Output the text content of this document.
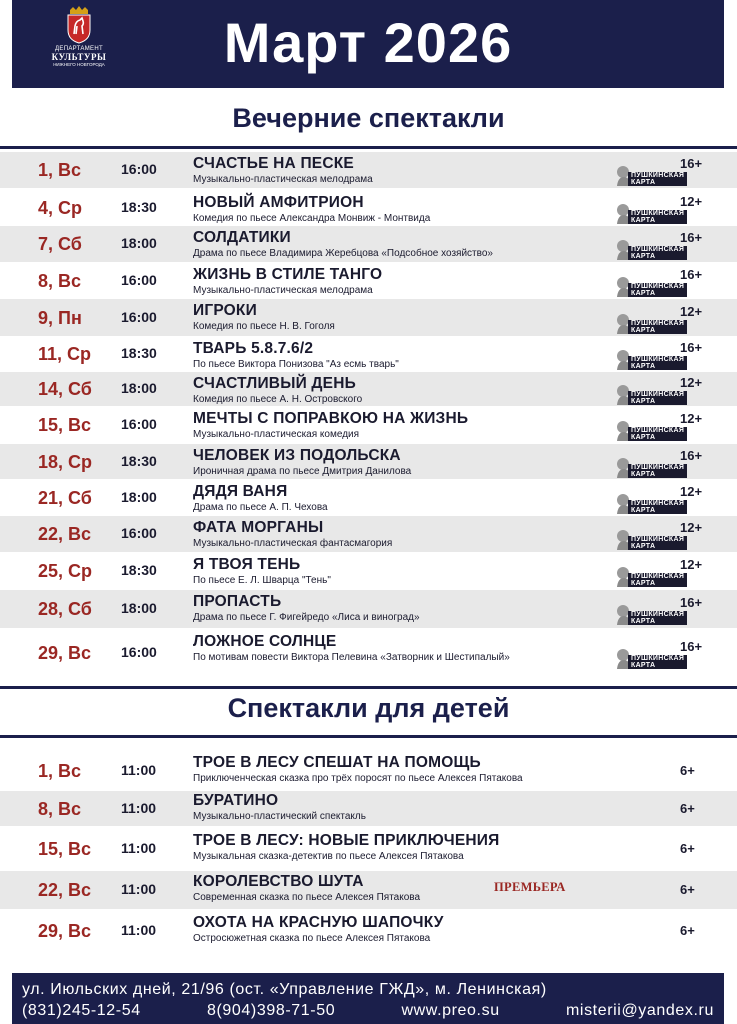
ДЕПАРТАМЕНТ
КУЛЬТУРЫ
НИЖНЕГО НОВГОРОДА	Март 2026
Вечерние спектакли
1, Вс	16:00 СЧАСТЬЕ НА ПЕСКЕ
Музыкально-пластическая мелодрама
16+
ПУШКИНСКАЯ
КАРТА
4, Ср	18:30 НОВЫЙ АМФИТРИОН
Комедия по пьесе Александра Монвиж - Монтвида
12+
ПУШКИНСКАЯ
КАРТА
7, Сб	18:00 СОЛДАТИКИ
Драма по пьесе Владимира Жеребцова «Подсобное хозяйство»
16+
ПУШКИНСКАЯ
КАРТА
8, Вс	16:00 ЖИЗНЬ В СТИЛЕ ТАНГО
Музыкально-пластическая мелодрама
16+
ПУШКИНСКАЯ
КАРТА
9, Пн	16:00 ИГРОКИ
Комедия по пьесе Н. В. Гоголя
12+
ПУШКИНСКАЯ
КАРТА
11, Ср 18:30 ТВАРЬ 5.8.7.6/2
По пьесе Виктора Понизова "Аз есмь тварь"
16+
ПУШКИНСКАЯ
КАРТА
14, Сб 18:00 СЧАСТЛИВЫЙ ДЕНЬ
Комедия по пьесе А. Н. Островского
12+
ПУШКИНСКАЯ
КАРТА
15, Вс 16:00 МЕЧТЫ С ПОПРАВКОЮ НА ЖИЗНЬ
Музыкально-пластическая комедия
12+
ПУШКИНСКАЯ
КАРТА
18, Ср 18:30 ЧЕЛОВЕК ИЗ ПОДОЛЬСКА
Ироничная драма по пьесе Дмитрия Данилова
16+
ПУШКИНСКАЯ
КАРТА
21, Сб 18:00 ДЯДЯ ВАНЯ
Драма по пьесе А. П. Чехова
12+
ПУШКИНСКАЯ
КАРТА
22, Вс 16:00 ФАТА МОРГАНЫ
Музыкально-пластическая фантасмагория
12+
ПУШКИНСКАЯ
КАРТА
25, Ср 18:30 Я ТВОЯ ТЕНЬ
По пьесе Е. Л. Шварца "Тень"
12+
ПУШКИНСКАЯ
КАРТА
28, Сб 18:00 ПРОПАСТЬ
Драма по пьесе Г. Фигейредо «Лиса и виноград»
16+
ПУШКИНСКАЯ
КАРТА
29, Вс 16:00
ЛОЖНОЕ СОЛНЦЕ
По мотивам повести Виктора Пелевина «Затворник и Шестипалый»
16+
ПУШКИНСКАЯ
КАРТА
Спектакли для детей
1, Вс	11:00 ТРОЕ В ЛЕСУ СПЕШАТ НА ПОМОЩЬ
Приключенческая сказка про трёх поросят по пьесе Алексея Пятакова
6+
8, Вс	11:00 БУРАТИНО
Музыкально-пластический спектакль
6+
15, Вс 11:00 ТРОЕ В ЛЕСУ: НОВЫЕ ПРИКЛЮЧЕНИЯ
Музыкальная сказка-детектив по пьесе Алексея Пятакова
6+
22, Вс 11:00 КОРОЛЕВСТВО ШУТА
Современная сказка по пьесе Алексея Пятакова
6+
ПРЕМЬЕРА
29, Вс 11:00 ОХОТА НА КРАСНУЮ ШАПОЧКУ
Остросюжетная сказка по пьесе Алексея Пятакова
6+
ул. Июльских дней, 21/96 (ост. «Управление ГЖД», м. Ленинская)
(831)245-12-54	8(904)398-71-50	www.preo.su	misterii@yandex.ru
